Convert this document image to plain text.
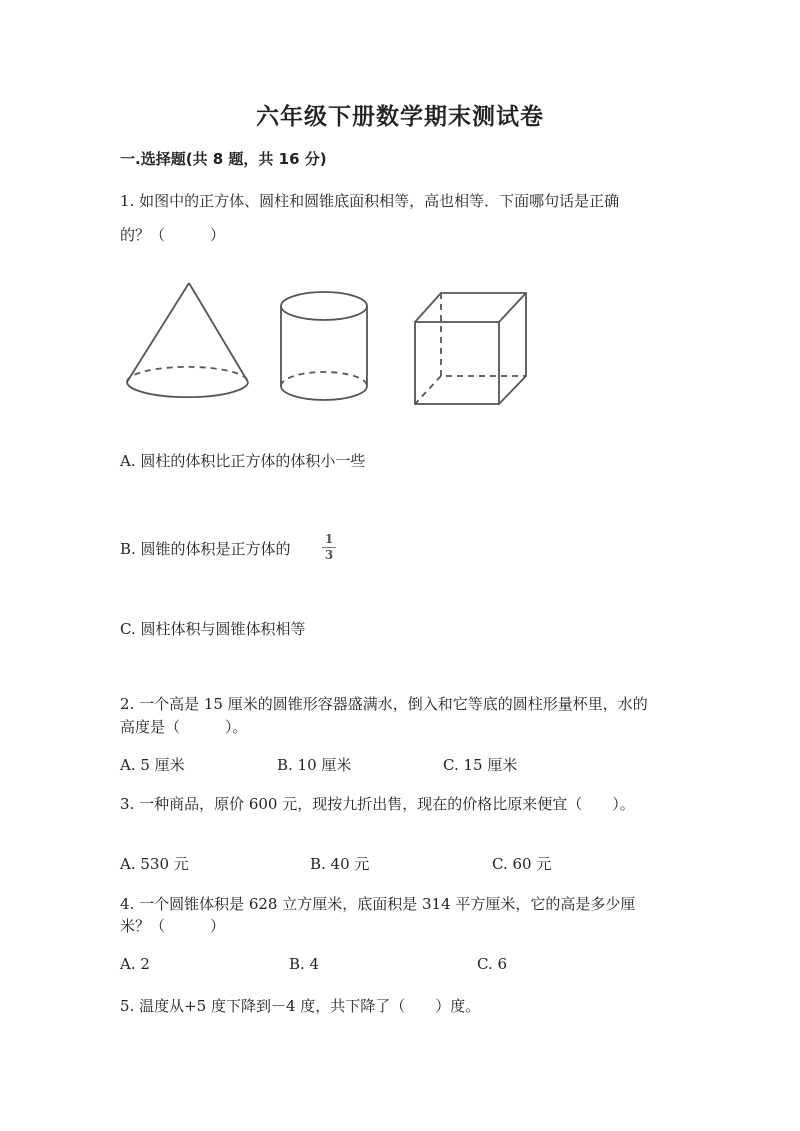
六年级下册数学期末测试卷
一.选择题(共 8 题，共 16 分)
1. 如图中的正方体、圆柱和圆锥底面积相等，高也相等．下面哪句话是正确
的？（　　　）
A. 圆柱的体积比正方体的体积小一些
B. 圆锥的体积是正方体的
1
3
C. 圆柱体积与圆锥体积相等
2. 一个高是 15 厘米的圆锥形容器盛满水，倒入和它等底的圆柱形量杯里，水的
高度是（　　　）。
A. 5 厘米	B. 10 厘米	C. 15 厘米
3. 一种商品，原价 600 元，现按九折出售，现在的价格比原来便宜（　　）。
A. 530 元	B. 40 元	C. 60 元
4. 一个圆锥体积是 628 立方厘米，底面积是 314 平方厘米，它的高是多少厘
米？（　　　）
A. 2	B. 4	C. 6
5. 温度从+5 度下降到－4 度，共下降了（　　）度。
